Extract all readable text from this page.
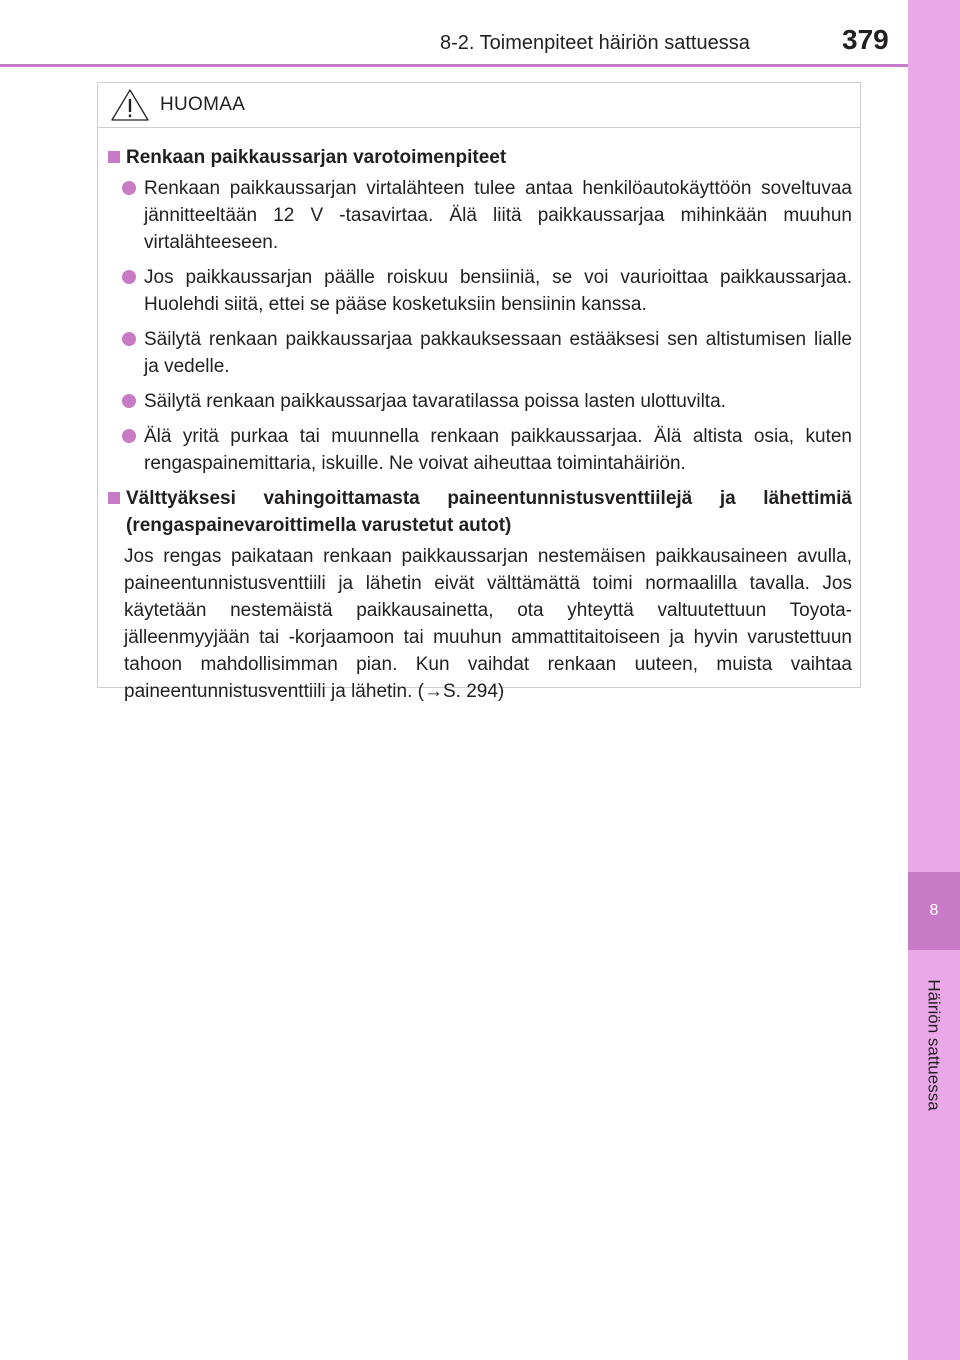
8
Häiriön sattuessa
8-2. Toimenpiteet häiriön sattuessa	379
HUOMAA
Renkaan paikkaussarjan varotoimenpiteet
Renkaan paikkaussarjan virtalähteen tulee antaa henkilöautokäyttöön soveltuvaa jännitteeltään 12 V -tasavirtaa. Älä liitä paikkaussarjaa mihinkään muuhun virtalähteeseen.
Jos paikkaussarjan päälle roiskuu bensiiniä, se voi vaurioittaa paikkaussarjaa. Huolehdi siitä, ettei se pääse kosketuksiin bensiinin kanssa.
Säilytä renkaan paikkaussarjaa pakkauksessaan estääksesi sen altistumisen lialle ja vedelle.
Säilytä renkaan paikkaussarjaa tavaratilassa poissa lasten ulottuvilta.
Älä yritä purkaa tai muunnella renkaan paikkaussarjaa. Älä altista osia, kuten rengaspainemittaria, iskuille. Ne voivat aiheuttaa toimintahäiriön.
Välttyäksesi vahingoittamasta paineentunnistusventtiilejä ja lähettimiä (rengaspainevaroittimella varustetut autot)
Jos rengas paikataan renkaan paikkaussarjan nestemäisen paikkausaineen avulla, paineentunnistusventtiili ja lähetin eivät välttämättä toimi normaalilla tavalla. Jos käytetään nestemäistä paikkausainetta, ota yhteyttä valtuutettuun Toyota-jälleenmyyjään tai -korjaamoon tai muuhun ammattitaitoiseen ja hyvin varustettuun tahoon mahdollisimman pian. Kun vaihdat renkaan uuteen, muista vaihtaa paineentunnistusventtiili ja lähetin. (→S. 294)
